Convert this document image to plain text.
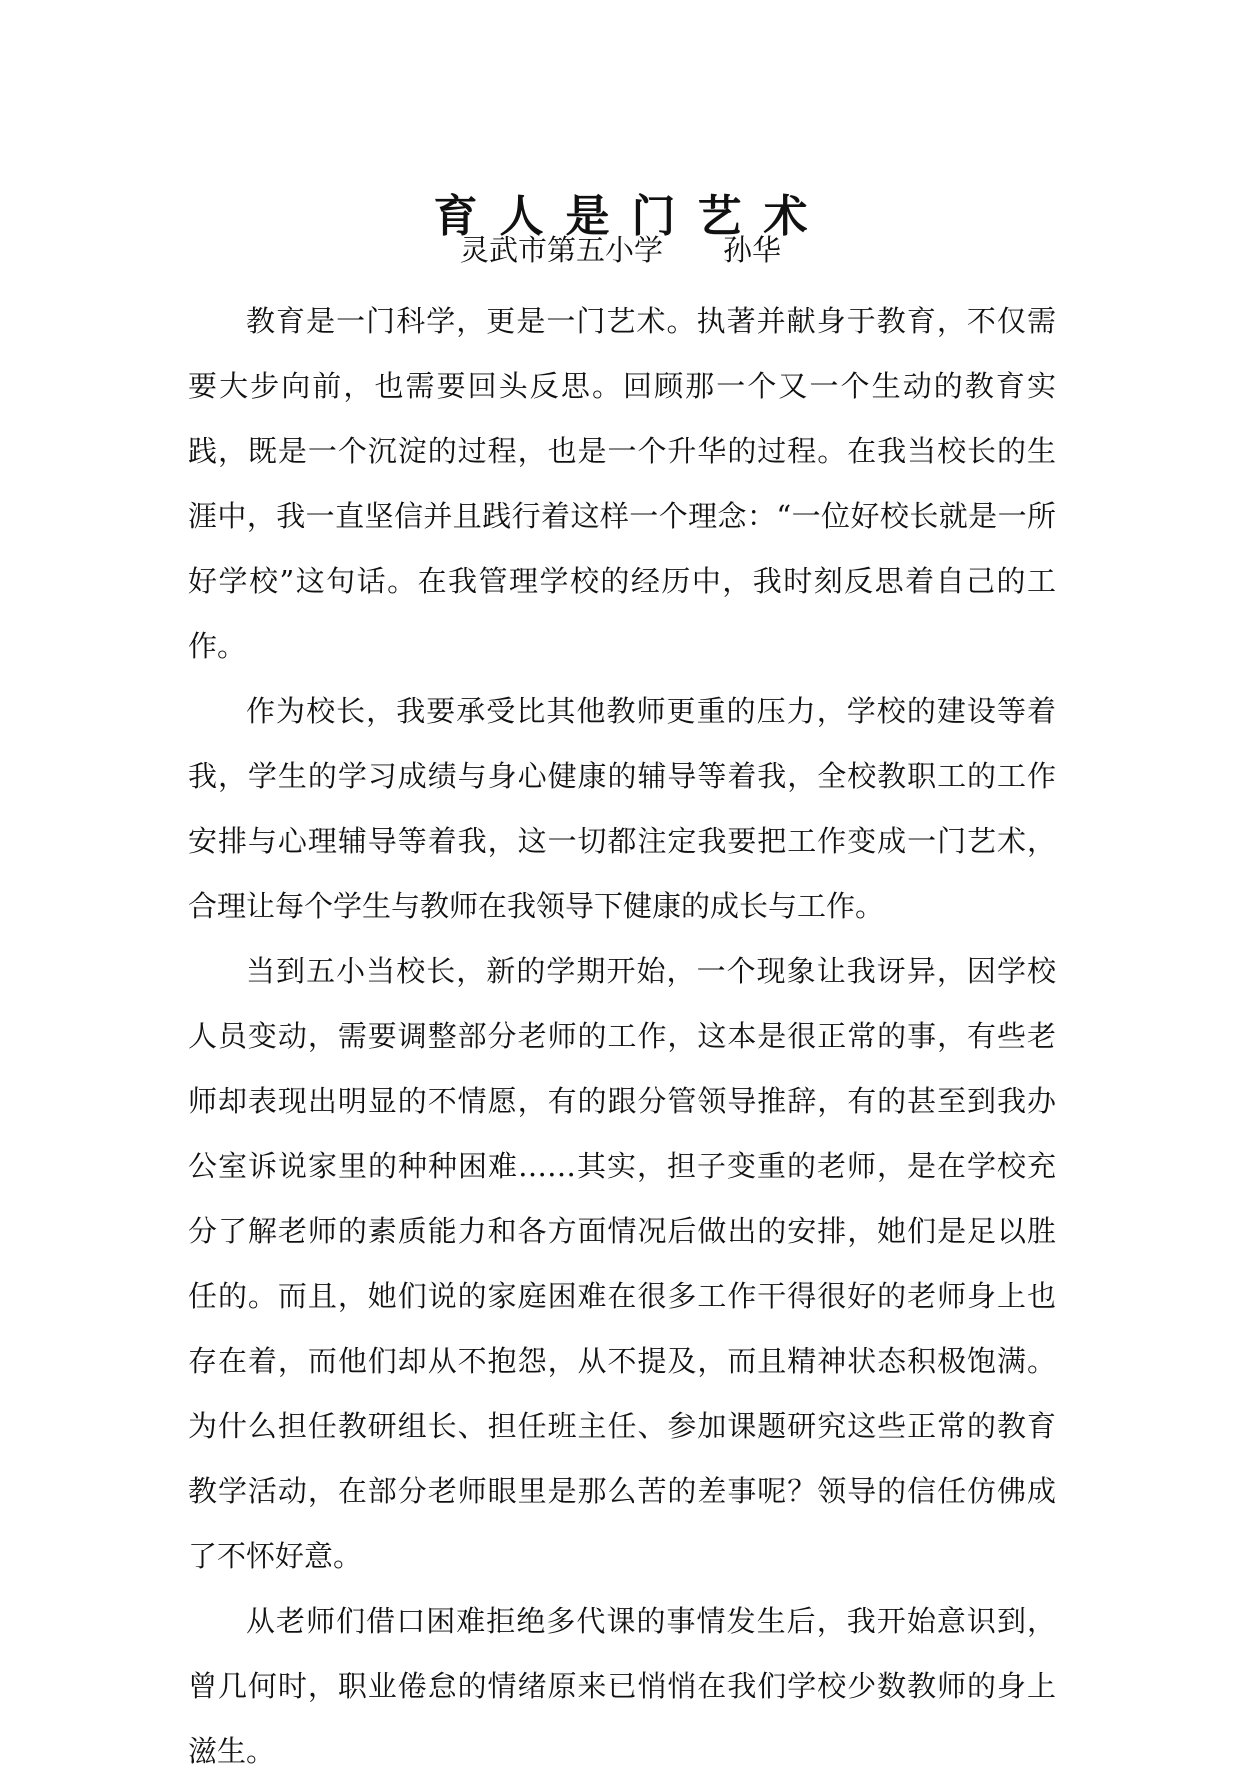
育人是门艺术
灵武市第五小学 孙华

教育是一门科学，更是一门艺术。执著并献身于教育，不仅需要大步向前，也需要回头反思。回顾那一个又一个生动的教育实践，既是一个沉淀的过程，也是一个升华的过程。在我当校长的生涯中，我一直坚信并且践行着这样一个理念：“一位好校长就是一所好学校”这句话。在我管理学校的经历中，我时刻反思着自己的工作。

作为校长，我要承受比其他教师更重的压力，学校的建设等着我，学生的学习成绩与身心健康的辅导等着我，全校教职工的工作安排与心理辅导等着我，这一切都注定我要把工作变成一门艺术，合理让每个学生与教师在我领导下健康的成长与工作。

当到五小当校长，新的学期开始，一个现象让我讶异，因学校人员变动，需要调整部分老师的工作，这本是很正常的事，有些老师却表现出明显的不情愿，有的跟分管领导推辞，有的甚至到我办公室诉说家里的种种困难……其实，担子变重的老师，是在学校充分了解老师的素质能力和各方面情况后做出的安排，她们是足以胜任的。而且，她们说的家庭困难在很多工作干得很好的老师身上也存在着，而他们却从不抱怨，从不提及，而且精神状态积极饱满。为什么担任教研组长、担任班主任、参加课题研究这些正常的教育教学活动，在部分老师眼里是那么苦的差事呢？领导的信任仿佛成了不怀好意。

从老师们借口困难拒绝多代课的事情发生后，我开始意识到，曾几何时，职业倦怠的情绪原来已悄悄在我们学校少数教师的身上滋生。
